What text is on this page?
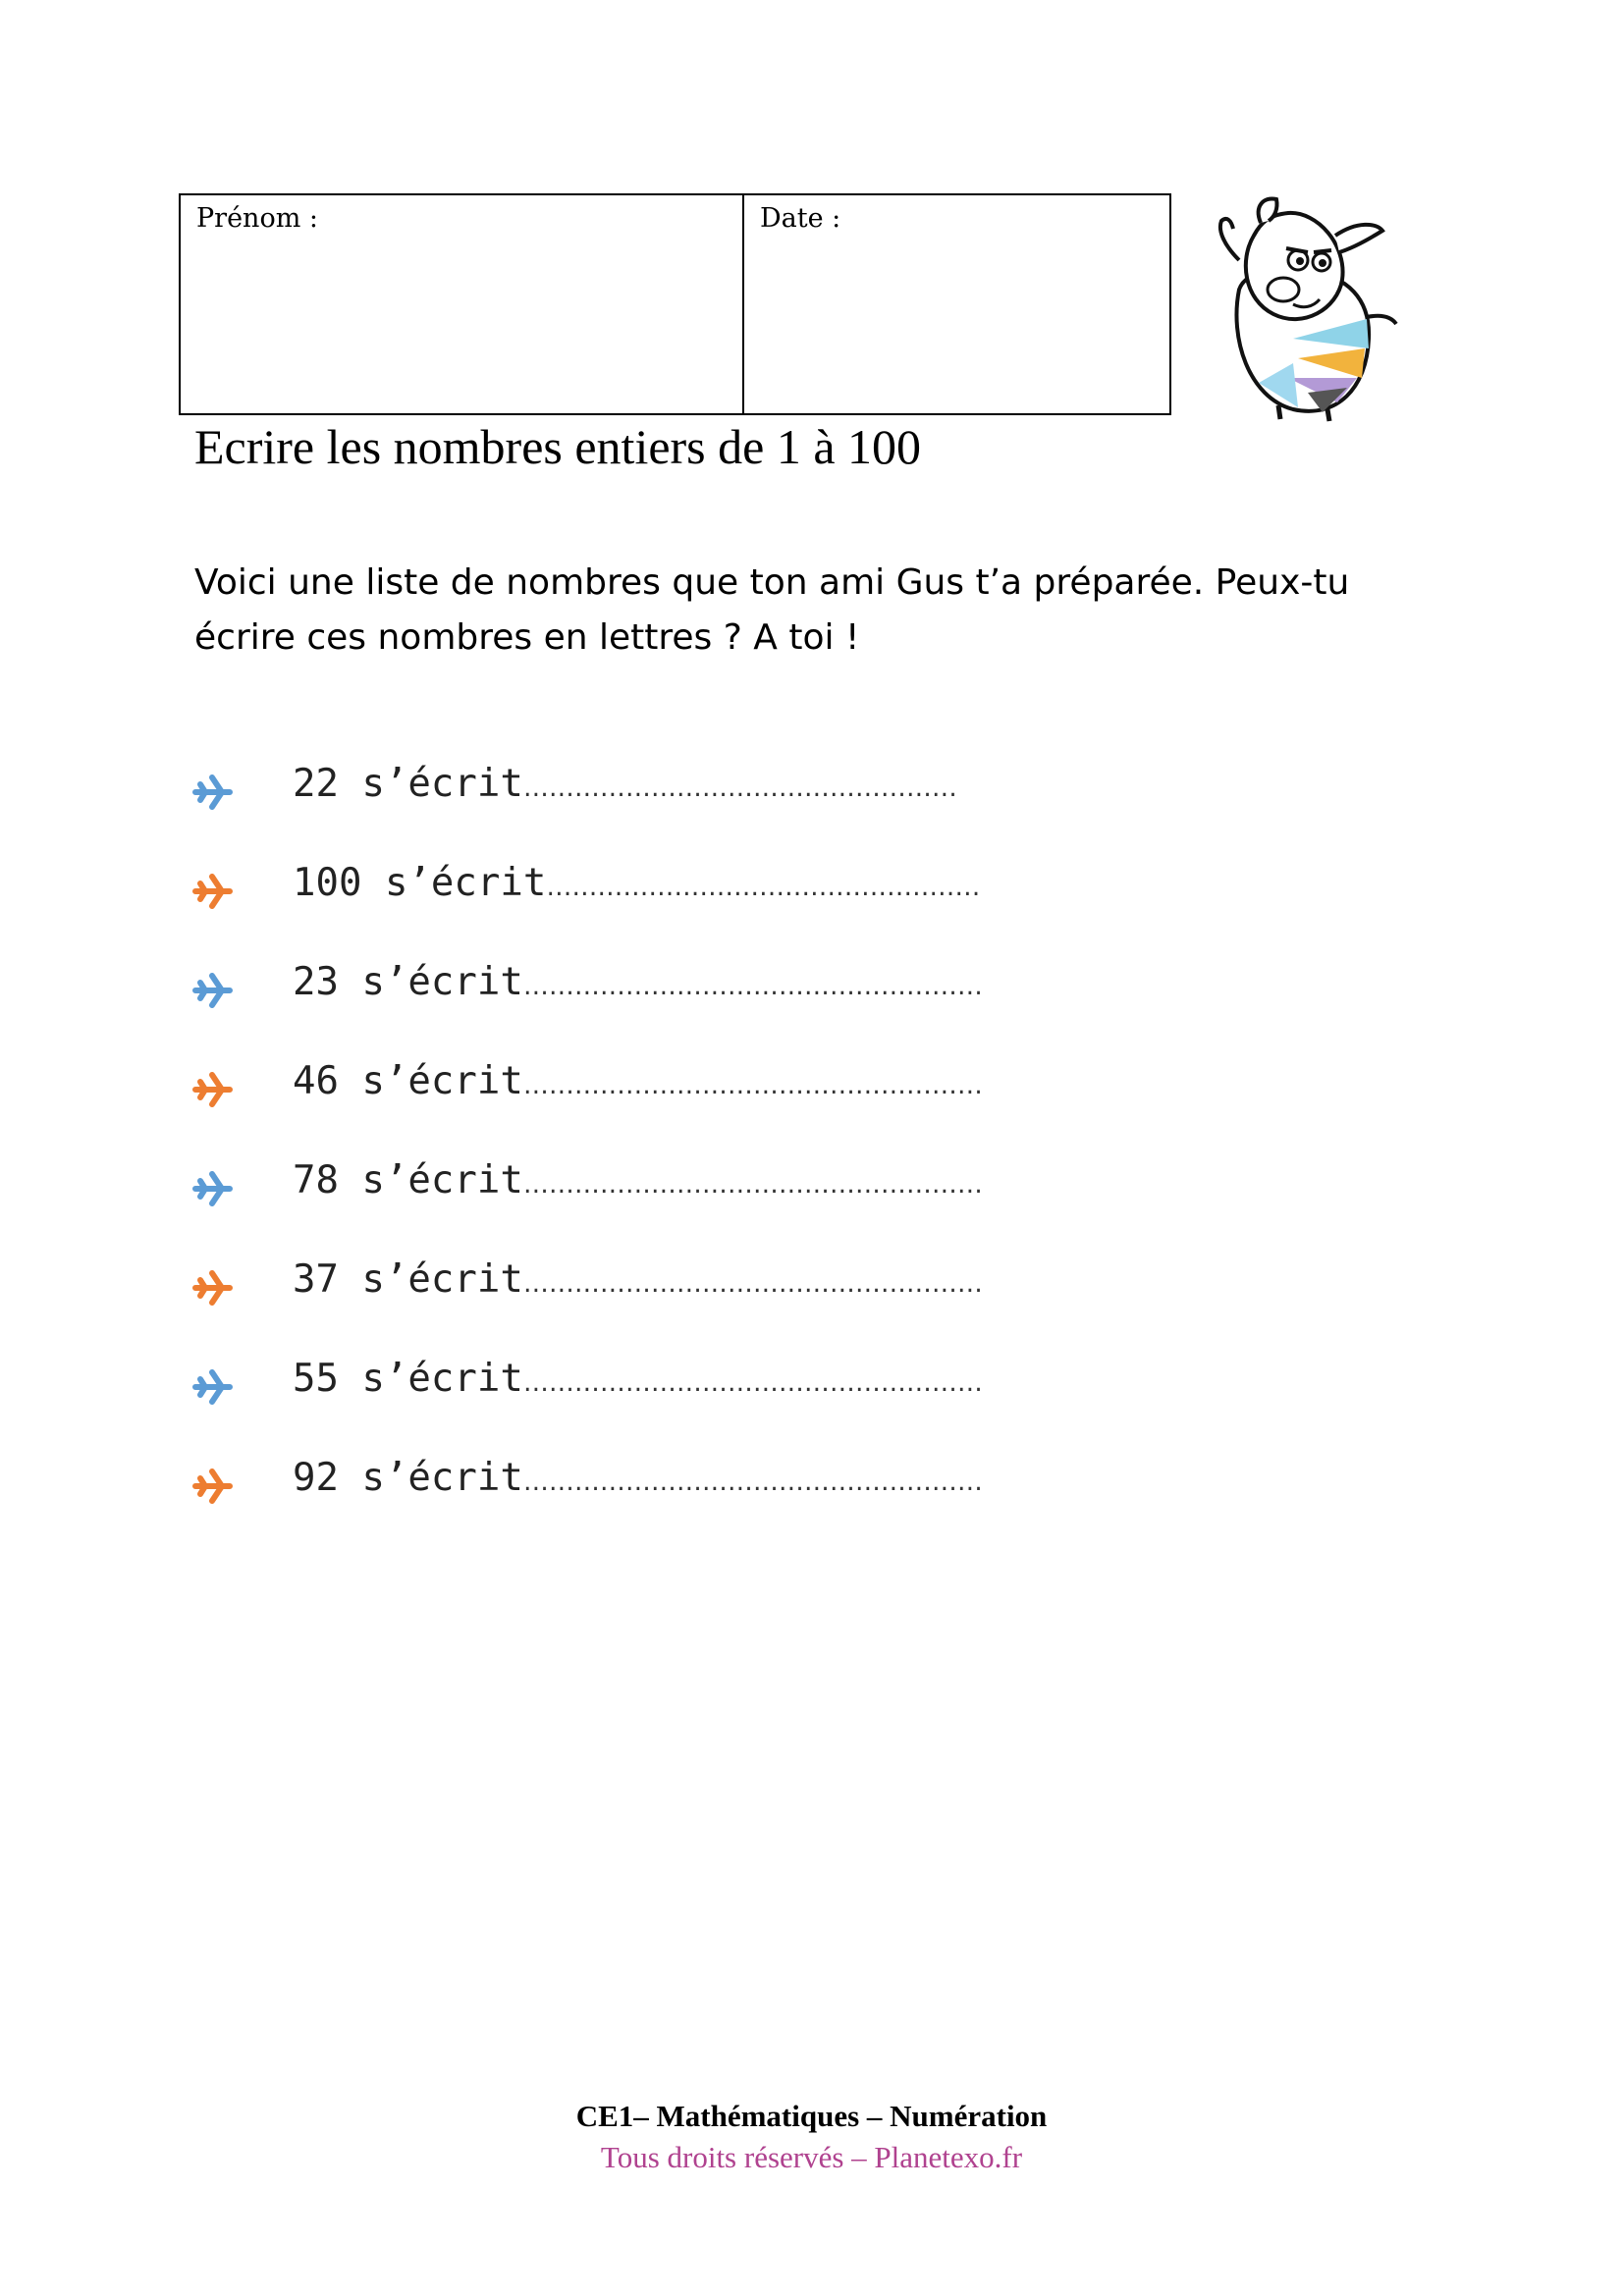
Prénom :	Date :
Ecrire les nombres entiers de 1 à 100
Voici une liste de nombres que ton ami Gus t’a préparée. Peux-tu écrire ces nombres en lettres ? A toi !
22 s’écrit……………………………………………
100 s’écrit……………………………………………
23 s’écrit………………………………………………
46 s’écrit………………………………………………
78 s’écrit………………………………………………
37 s’écrit………………………………………………
55 s’écrit………………………………………………
92 s’écrit………………………………………………
CE1– Mathématiques – Numération
Tous droits réservés – Planetexo.fr
